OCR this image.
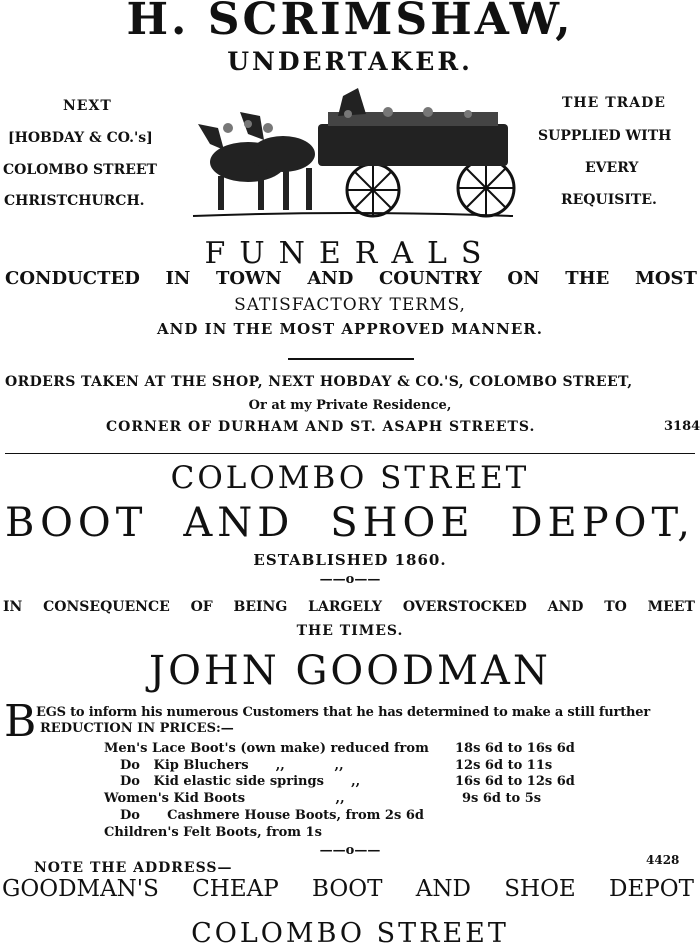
H. SCRIMSHAW,
UNDERTAKER.
NEXT
[HOBDAY & CO.'s]
COLOMBO STREET
CHRISTCHURCH.
THE TRADE
SUPPLIED WITH
EVERY
REQUISITE.
FUNERALS
CONDUCTED IN TOWN AND COUNTRY ON THE MOST
SATISFACTORY TERMS,
AND IN THE MOST APPROVED MANNER.
ORDERS TAKEN AT THE SHOP, NEXT HOBDAY & CO.'S, COLOMBO STREET,
Or at my Private Residence,
CORNER OF DURHAM AND ST. ASAPH STREETS.	3184
COLOMBO STREET
BOOT AND SHOE DEPOT,
ESTABLISHED 1860.
——o——
IN CONSEQUENCE OF BEING LARGELY OVERSTOCKED AND TO MEET
THE TIMES.
JOHN GOODMAN
B EGS to inform his numerous Customers that he has determined to make a still further
REDUCTION IN PRICES:—
Men's Lace Boot's (own make) reduced from 18s 6d to 16s 6d
Do   Kip Bluchers      ,,           ,,	12s 6d to 11s
Do   Kid elastic side springs      ,,	16s 6d to 12s 6d
Women's Kid Boots                    ,,	9s 6d to 5s
Do      Cashmere House Boots, from 2s 6d
Children's Felt Boots, from 1s
——o——
NOTE THE ADDRESS—	4428
GOODMAN'S CHEAP BOOT AND SHOE DEPOT
COLOMBO STREET
